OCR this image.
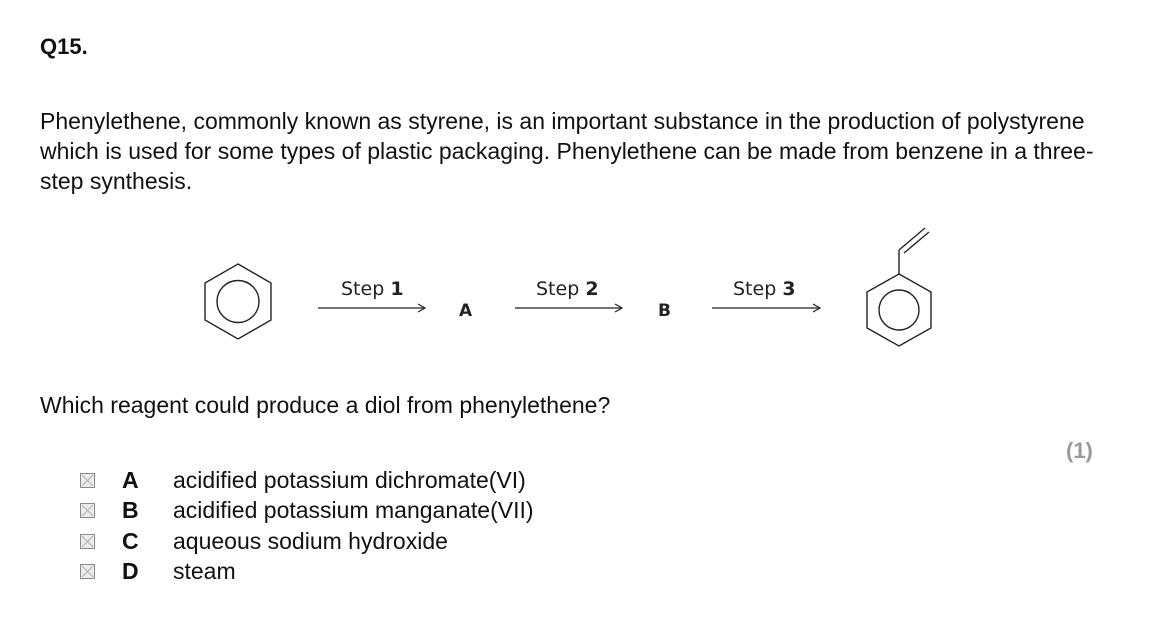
Q15.

Phenylethene, commonly known as styrene, is an important substance in the production of polystyrene which is used for some types of plastic packaging. Phenylethene can be made from benzene in a three-step synthesis.

Step 1
A
Step 2
B
Step 3

Which reagent could produce a diol from phenylethene?

(1)
A acidified potassium dichromate(VI)
B acidified potassium manganate(VII)
C aqueous sodium hydroxide
D steam
